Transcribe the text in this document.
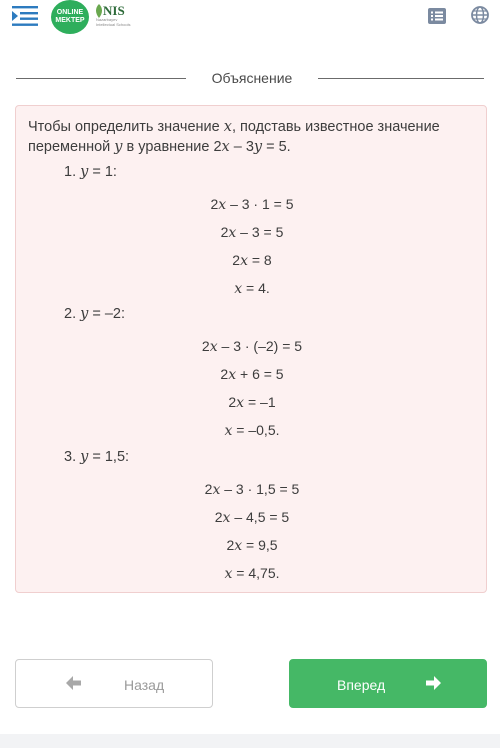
ONLINE
MEKTEP
NIS
Nazarbayev Intellectual Schools
Объяснение
Чтобы определить значение x, подставь известное значение переменной y в уравнение 2x – 3y = 5.
1. y = 1:
2x – 3 · 1 = 5
2x – 3 = 5
2x = 8
x = 4.
2. y = –2:
2x – 3 · (–2) = 5
2x + 6 = 5
2x = –1
x = –0,5.
3. y = 1,5:
2x – 3 · 1,5 = 5
2x – 4,5 = 5
2x = 9,5
x = 4,75.
Назад	Вперед
